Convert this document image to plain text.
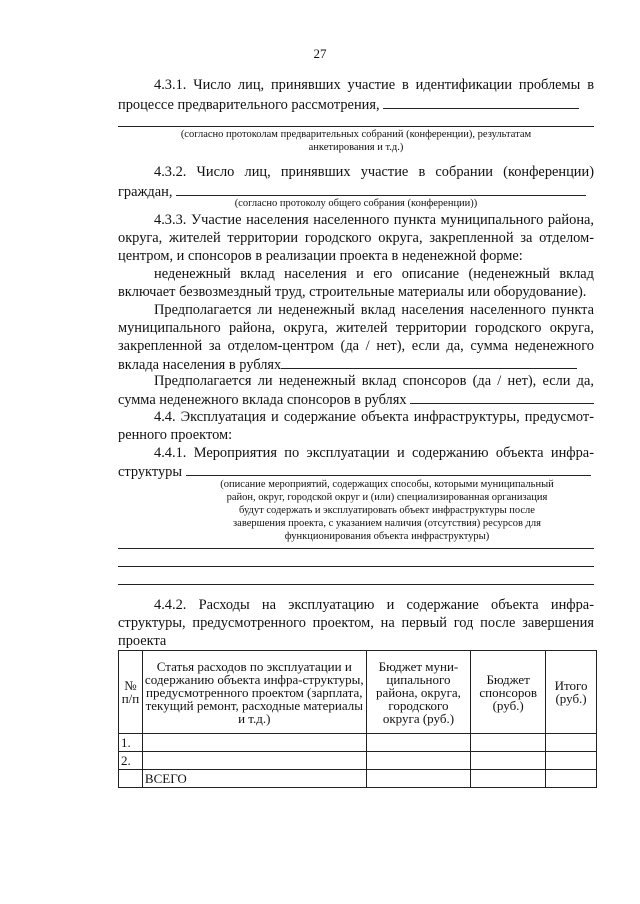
27
4.3.1. Число лиц, принявших участие в идентификации проблемы в
процессе предварительного рассмотрения,
(согласно протоколам предварительных собраний (конференции), результатам
анкетирования и т.д.)
4.3.2. Число лиц, принявших участие в собрании (конференции)
граждан,
(согласно протоколу общего собрания (конференции))
4.3.3. Участие населения населенного пункта муниципального района,
округа, жителей территории городского округа, закрепленной за отделом-
центром, и спонсоров в реализации проекта в неденежной форме:
неденежный вклад населения и его описание (неденежный вклад
включает безвозмездный труд, строительные материалы или оборудование).
Предполагается ли неденежный вклад населения населенного пункта
муниципального района, округа, жителей территории городского округа,
закрепленной за отделом-центром (да / нет), если да, сумма неденежного
вклада населения в рублях
Предполагается ли неденежный вклад спонсоров (да / нет), если да,
сумма неденежного вклада спонсоров в рублях
4.4. Эксплуатация и содержание объекта инфраструктуры, предусмот-
ренного проектом:
4.4.1. Мероприятия по эксплуатации и содержанию объекта инфра-
структуры
(описание мероприятий, содержащих способы, которыми муниципальный
район, округ, городской округ и (или) специализированная организация
будут содержать и эксплуатировать объект инфраструктуры после
завершения проекта, с указанием наличия (отсутствия) ресурсов для
функционирования объекта инфраструктуры)
4.4.2. Расходы на эксплуатацию и содержание объекта инфра-
структуры, предусмотренного проектом, на первый год после завершения
проекта
№ п/п	Статья расходов по эксплуатации и содержанию объекта инфра-структуры, предусмотренного проектом (зарплата, текущий ремонт, расходные материалы и т.д.)	Бюджет муни-ципального района, округа, городского округа (руб.)	Бюджет спонсоров (руб.)	Итого (руб.)
1.				
2.				
	ВСЕГО			
